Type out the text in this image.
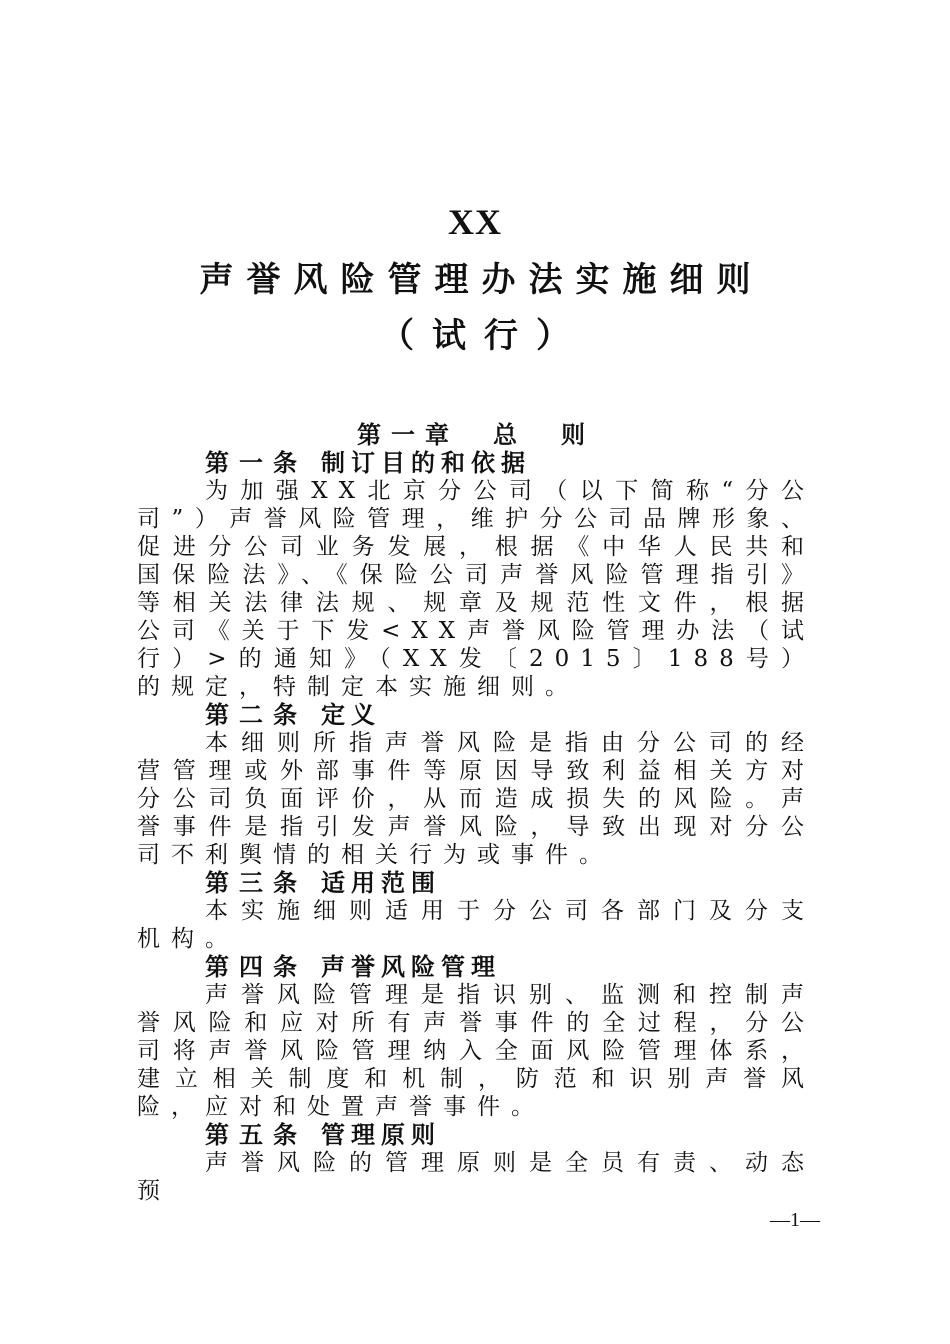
XX
声誉风险管理办法实施细则
（试行）
第一章　总　则
第一条 制订目的和依据

为加强XX北京分公司（以下简称“分公司”）声誉风险管理，维护分公司品牌形象、促进分公司业务发展，根据《中华人民共和国保险法》、《保险公司声誉风险管理指引》等相关法律法规、规章及规范性文件，根据公司《关于下发<XX声誉风险管理办法（试行）>的通知》（XX发〔2015〕188号）的规定，特制定本实施细则。

第二条 定义

本细则所指声誉风险是指由分公司的经营管理或外部事件等原因导致利益相关方对分公司负面评价，从而造成损失的风险。声誉事件是指引发声誉风险，导致出现对分公司不利舆情的相关行为或事件。

第三条 适用范围

本实施细则适用于分公司各部门及分支机构。

第四条 声誉风险管理

声誉风险管理是指识别、监测和控制声誉风险和应对所有声誉事件的全过程，分公司将声誉风险管理纳入全面风险管理体系，建立相关制度和机制，防范和识别声誉风险，应对和处置声誉事件。

第五条 管理原则

声誉风险的管理原则是全员有责、动态预

—1—
